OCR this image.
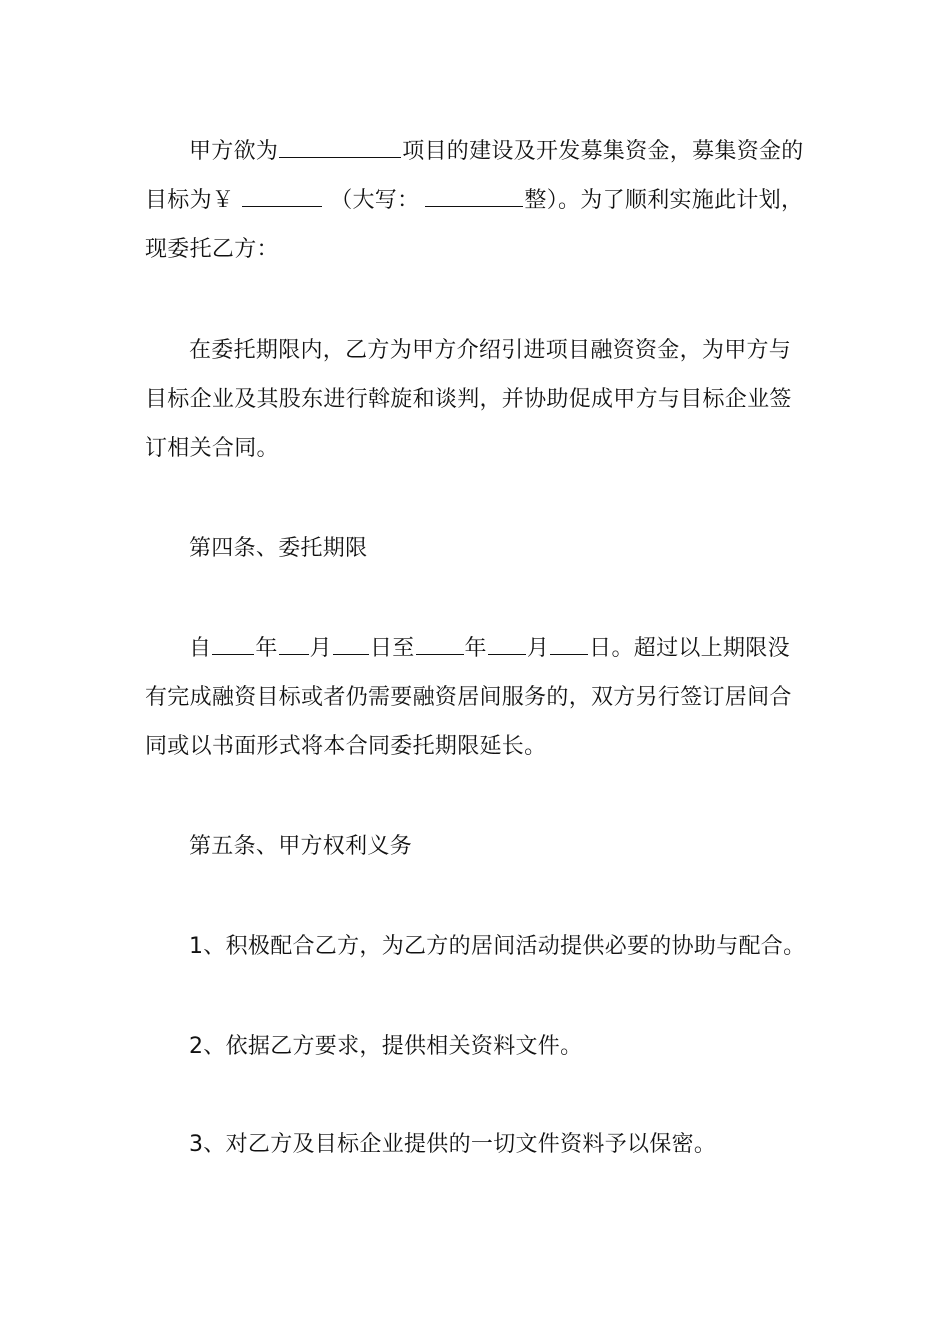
甲方欲为	项目的建设及开发募集资金，募集资金的
目标为￥	（大写：	整）。为了顺利实施此计划，
现委托乙方：
在委托期限内，乙方为甲方介绍引进项目融资资金，为甲方与
目标企业及其股东进行斡旋和谈判，并协助促成甲方与目标企业签
订相关合同。
第四条、委托期限
自 年 月 日至 年 月 日。超过以上期限没
有完成融资目标或者仍需要融资居间服务的，双方另行签订居间合
同或以书面形式将本合同委托期限延长。
第五条、甲方权利义务
1、积极配合乙方，为乙方的居间活动提供必要的协助与配合。
2、依据乙方要求，提供相关资料文件。
3、对乙方及目标企业提供的一切文件资料予以保密。
